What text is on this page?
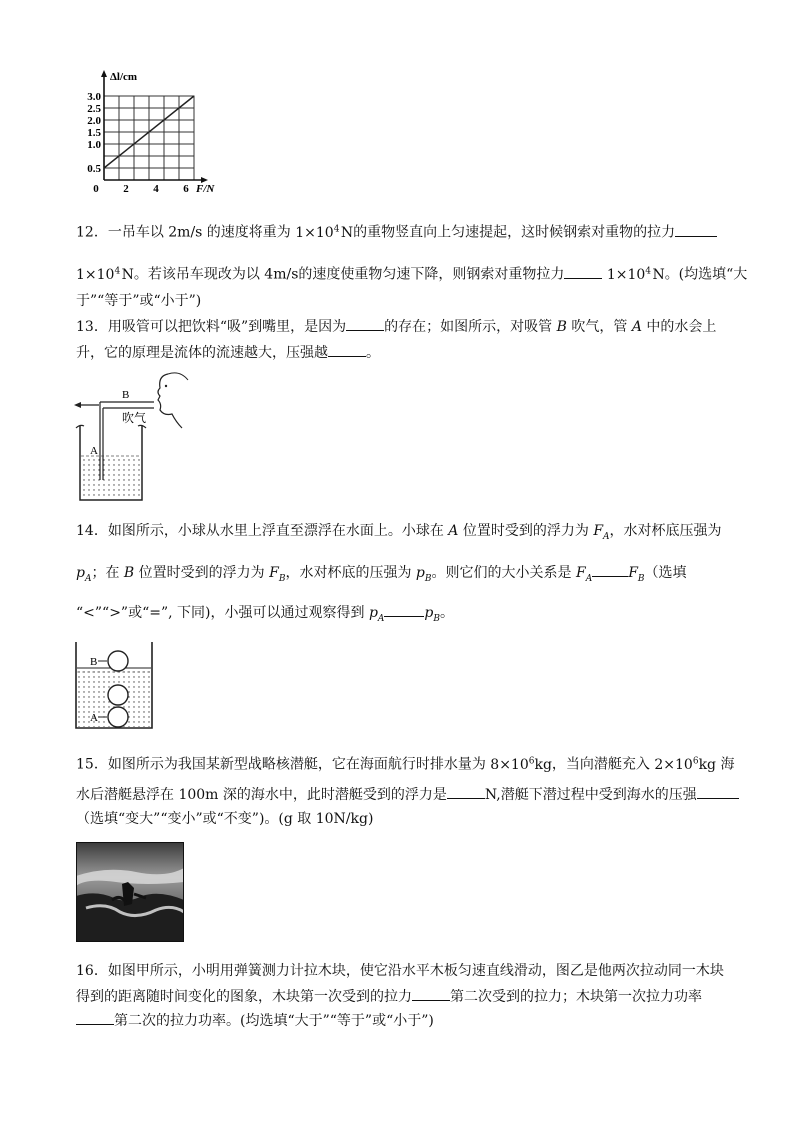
Δl/cm
F/N
3.0
2.5
2.0
1.5
1.0
0.5
0 2 4 6
12．一吊车以 2m/s 的速度将重为 $1\times 10^4$ N的重物竖直向上匀速提起，这时候钢索对重物的拉力
$1\times 10^4$ N。若该吊车现改为以 4m/s的速度使重物匀速下降，则钢索对重物拉力	$1\times 10^4$ N。(均选填“大
于”“等于”或“小于”)
13．用吸管可以把饮料“吸”到嘴里，是因为	的存在；如图所示，对吸管 B 吹气，管 A 中的水会上
升，它的原理是流体的流速越大，压强越	。
B
吹气
A
14．如图所示，小球从水里上浮直至漂浮在水面上。小球在 A 位置时受到的浮力为 $F_A$，水对杯底压强为
$p_A$；在 B 位置时受到的浮力为 $F_B$，水对杯底的压强为 $p_B$。则它们的大小关系是 $F_A$	$F_B$（选填
“<”“>”或“=”, 下同)，小强可以通过观察得到 $p_A$	$p_B$。
B
A
15．如图所示为我国某新型战略核潜艇，它在海面航行时排水量为 $8\times 10^6kg$，当向潜艇充入 $2\times 10^6kg$ 海
水后潜艇悬浮在 100m 深的海水中，此时潜艇受到的浮力是	N,潜艇下潜过程中受到海水的压强
（选填“变大”“变小”或“不变”)。(g 取 10N/kg)
16．如图甲所示，小明用弹簧测力计拉木块，使它沿水平木板匀速直线滑动，图乙是他两次拉动同一木块
得到的距离随时间变化的图象，木块第一次受到的拉力	第二次受到的拉力；木块第一次拉力功率
第二次的拉力功率。(均选填“大于”“等于”或“小于”)
